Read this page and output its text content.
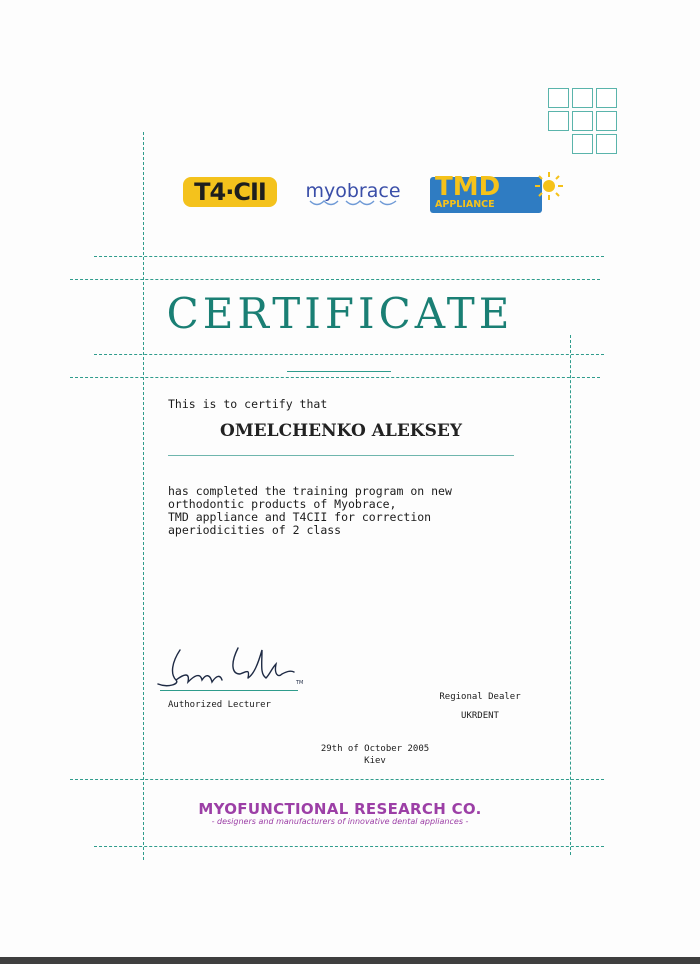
T4·CII	myobrace TMD
APPLIANCE
CERTIFICATE
This is to certify that
OMELCHENKO ALEKSEY
has completed the training program on new
orthodontic products of Myobrace,
TMD appliance and T4CII for correction
aperiodicities of 2 class
TM
Authorized Lecturer
Regional Dealer
UKRDENT
29th of October 2005
Kiev
MYOFUNCTIONAL RESEARCH CO.
- designers and manufacturers of innovative dental appliances -
